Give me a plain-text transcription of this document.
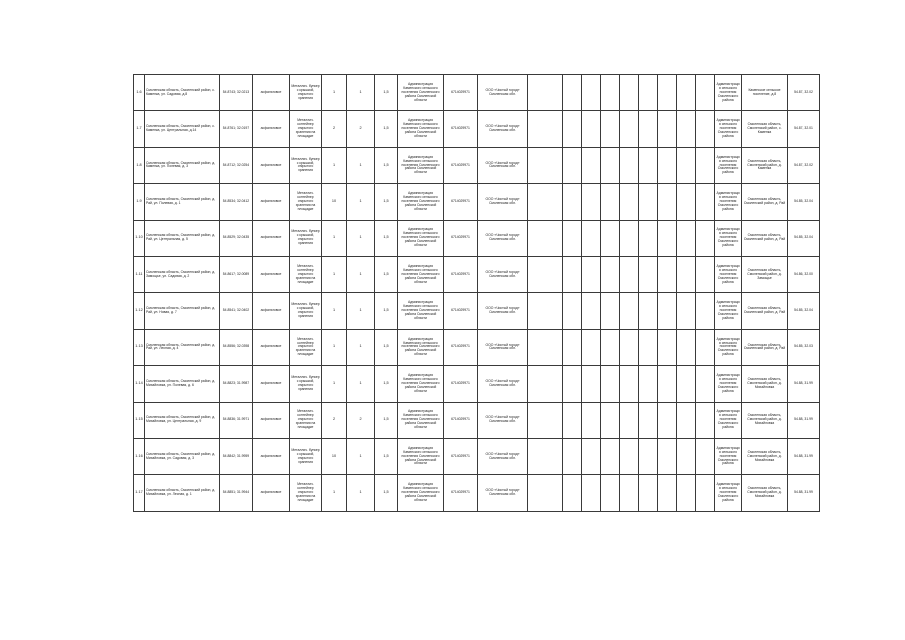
1.6	Смоленская область, Смоленский район, с. Каменка, ул. Садовая, д.8	54.8743; 32.0213	асфальтовое	Металлич. бункер с крышкой, открытого хранения	1	1	1,5	Администрация Каменского сельского поселения Смоленского района Смоленской области	6714029971	ООО «Чистый город» Смоленская обл.										Администрация сельского поселения Смоленского района	Каменское сельское поселение, д.8	54.87, 32.02
1.7	Смоленская область, Смоленский район, с. Каменка, ул. Центральная, д.14	54.8761; 32.0197	асфальтовое	Металлич. контейнер открытого хранения на площадке	2	2	1,5	Администрация Каменского сельского поселения Смоленского района Смоленской области	6714029971	ООО «Чистый город» Смоленская обл.										Администрация сельского поселения Смоленского района	Смоленская область, Смоленский район, с. Каменка	54.87, 32.01
1.8	Смоленская область, Смоленский район, д. Каменка, ул. Полевая, д. 3	54.8712; 32.0254	асфальтовое	Металлич. бункер с крышкой, открытого хранения	1	1	1,5	Администрация Каменского сельского поселения Смоленского района Смоленской области	6714029971	ООО «Чистый город» Смоленская обл.										Администрация сельского поселения Смоленского района	Смоленская область, Смоленский район, д. Каменка	54.87, 32.02
1.9	Смоленская область, Смоленский район, д. Рай, ул. Полевая, д. 1	54.8534; 32.0412	асфальтовое	Металлич. контейнер открытого хранения на площадке	10	1	1,5	Администрация Каменского сельского поселения Смоленского района Смоленской области	6714029971	ООО «Чистый город» Смоленская обл.										Администрация сельского поселения Смоленского района	Смоленская область, Смоленский район, д. Рай	54.85, 32.04
1.10	Смоленская область, Смоленский район, д. Рай, ул. Центральная, д. 5	54.8529; 32.0435	асфальтовое	Металлич. бункер с крышкой, открытого хранения	1	1	1,5	Администрация Каменского сельского поселения Смоленского района Смоленской области	6714029971	ООО «Чистый город» Смоленская обл.										Администрация сельского поселения Смоленского района	Смоленская область, Смоленский район, д. Рай	54.85, 32.04
1.11	Смоленская область, Смоленский район, д. Замощье, ул. Садовая, д. 2	54.8617; 32.0089	асфальтовое	Металлич. контейнер открытого хранения на площадке	1	1	1,5	Администрация Каменского сельского поселения Смоленского района Смоленской области	6714029971	ООО «Чистый город» Смоленская обл.										Администрация сельского поселения Смоленского района	Смоленская область, Смоленский район, д. Замощье	54.86, 32.00
1.12	Смоленская область, Смоленский район, д. Рай, ул. Новая, д. 7	54.8541; 32.0402	асфальтовое	Металлич. бункер с крышкой, открытого хранения	1	1	1,5	Администрация Каменского сельского поселения Смоленского района Смоленской области	6714029971	ООО «Чистый город» Смоленская обл.										Администрация сельского поселения Смоленского района	Смоленская область, Смоленский район, д. Рай	54.85, 32.04
1.13	Смоленская область, Смоленский район, д. Рай, ул. Лесная, д. 4	54.8556; 32.0398	асфальтовое	Металлич. контейнер открытого хранения на площадке	1	1	1,5	Администрация Каменского сельского поселения Смоленского района Смоленской области	6714029971	ООО «Чистый город» Смоленская обл.										Администрация сельского поселения Смоленского района	Смоленская область, Смоленский район, д. Рай	54.85, 32.03
1.14	Смоленская область, Смоленский район, д. Михайловка, ул. Полевая, д. 6	54.8823; 31.9987	асфальтовое	Металлич. бункер с крышкой, открытого хранения	1	1	1,5	Администрация Каменского сельского поселения Смоленского района Смоленской области	6714029971	ООО «Чистый город» Смоленская обл.										Администрация сельского поселения Смоленского района	Смоленская область, Смоленский район, д. Михайловка	54.88, 31.99
1.15	Смоленская область, Смоленский район, д. Михайловка, ул. Центральная, д. 9	54.8836; 31.9971	асфальтовое	Металлич. контейнер открытого хранения на площадке	2	2	1,5	Администрация Каменского сельского поселения Смоленского района Смоленской области	6714029971	ООО «Чистый город» Смоленская обл.										Администрация сельского поселения Смоленского района	Смоленская область, Смоленский район, д. Михайловка	54.88, 31.99
1.16	Смоленская область, Смоленский район, д. Михайловка, ул. Садовая, д. 3	54.8842; 31.9959	асфальтовое	Металлич. бункер с крышкой, открытого хранения	10	1	1,5	Администрация Каменского сельского поселения Смоленского района Смоленской области	6714029971	ООО «Чистый город» Смоленская обл.										Администрация сельского поселения Смоленского района	Смоленская область, Смоленский район, д. Михайловка	54.88, 31.99
1.17	Смоленская область, Смоленский район, д. Михайловка, ул. Лесная, д. 1	54.8851; 31.9944	асфальтовое	Металлич. контейнер открытого хранения на площадке	1	1	1,5	Администрация Каменского сельского поселения Смоленского района Смоленской области	6714029971	ООО «Чистый город» Смоленская обл.										Администрация сельского поселения Смоленского района	Смоленская область, Смоленский район, д. Михайловка	54.88, 31.99
